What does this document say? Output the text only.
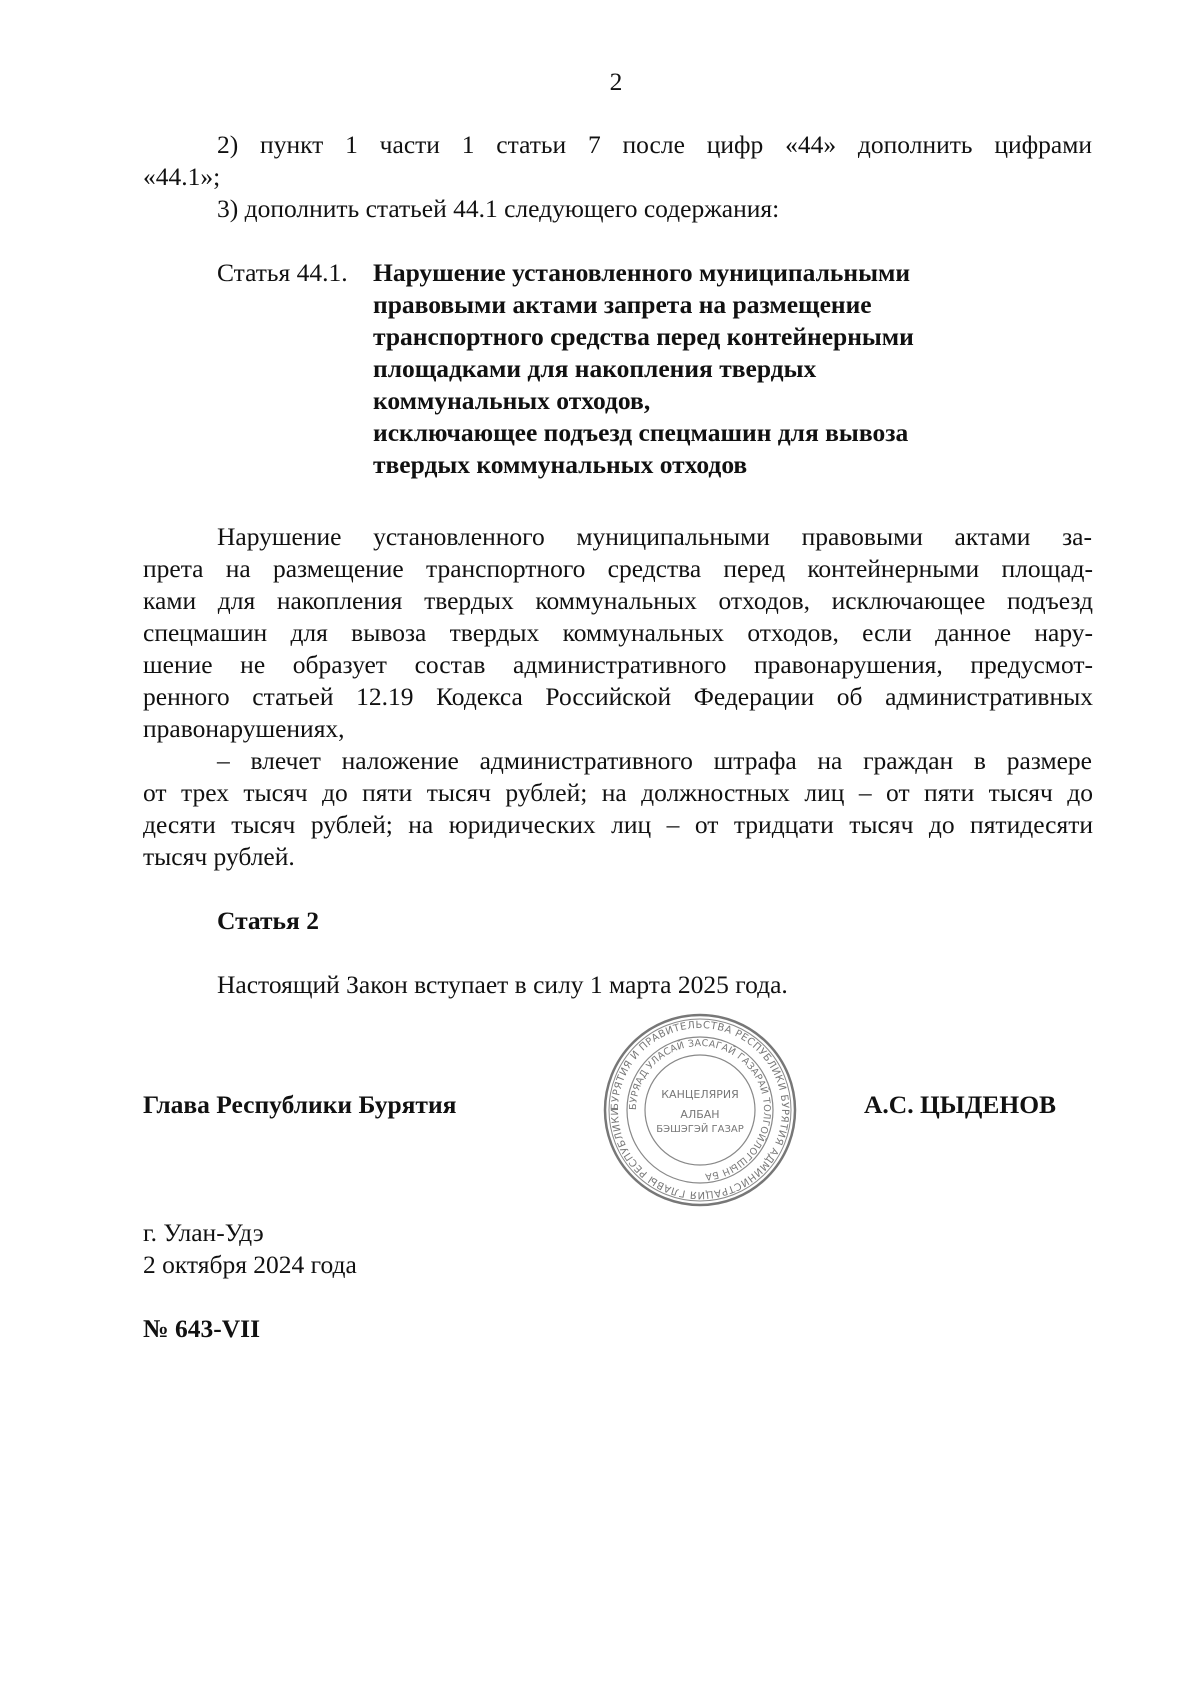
2
2) пункт 1 части 1 статьи 7 после цифр «44» дополнить цифрами
«44.1»;
3) дополнить статьей 44.1 следующего содержания:
Статья 44.1. Нарушение установленного муниципальными
правовыми актами запрета на размещение
транспортного средства перед контейнерными
площадками для накопления твердых
коммунальных отходов,
исключающее подъезд спецмашин для вывоза
твердых коммунальных отходов
Нарушение установленного муниципальными правовыми актами за-
прета на размещение транспортного средства перед контейнерными площад-
ками для накопления твердых коммунальных отходов, исключающее подъезд
спецмашин для вывоза твердых коммунальных отходов, если данное нару-
шение не образует состав административного правонарушения, предусмот-
ренного статьей 12.19 Кодекса Российской Федерации об административных
правонарушениях,
– влечет наложение административного штрафа на граждан в размере
от трех тысяч до пяти тысяч рублей; на должностных лиц – от пяти тысяч до
десяти тысяч рублей; на юридических лиц – от тридцати тысяч до пятидесяти
тысяч рублей.
Статья 2
Настоящий Закон вступает в силу 1 марта 2025 года.
Глава Республики Бурятия	А.С. ЦЫДЕНОВ
БУРЯТИЯ И ПРАВИТЕЛЬСТВА РЕСПУБЛИКИ БУРЯТИЯ АДМИНИСТРАЦИЯ ГЛАВЫ РЕСПУБЛИКИ
БУРЯАД УЛАСАЙ ЗАСАГАЙ ГАЗАРАЙ ТОЛГОЙЛОГШЫН БА
КАНЦЕЛЯРИЯ
АЛБАН
БЭШЭГЭЙ ГАЗАР
г. Улан-Удэ
2 октября 2024 года
№ 643-VII
